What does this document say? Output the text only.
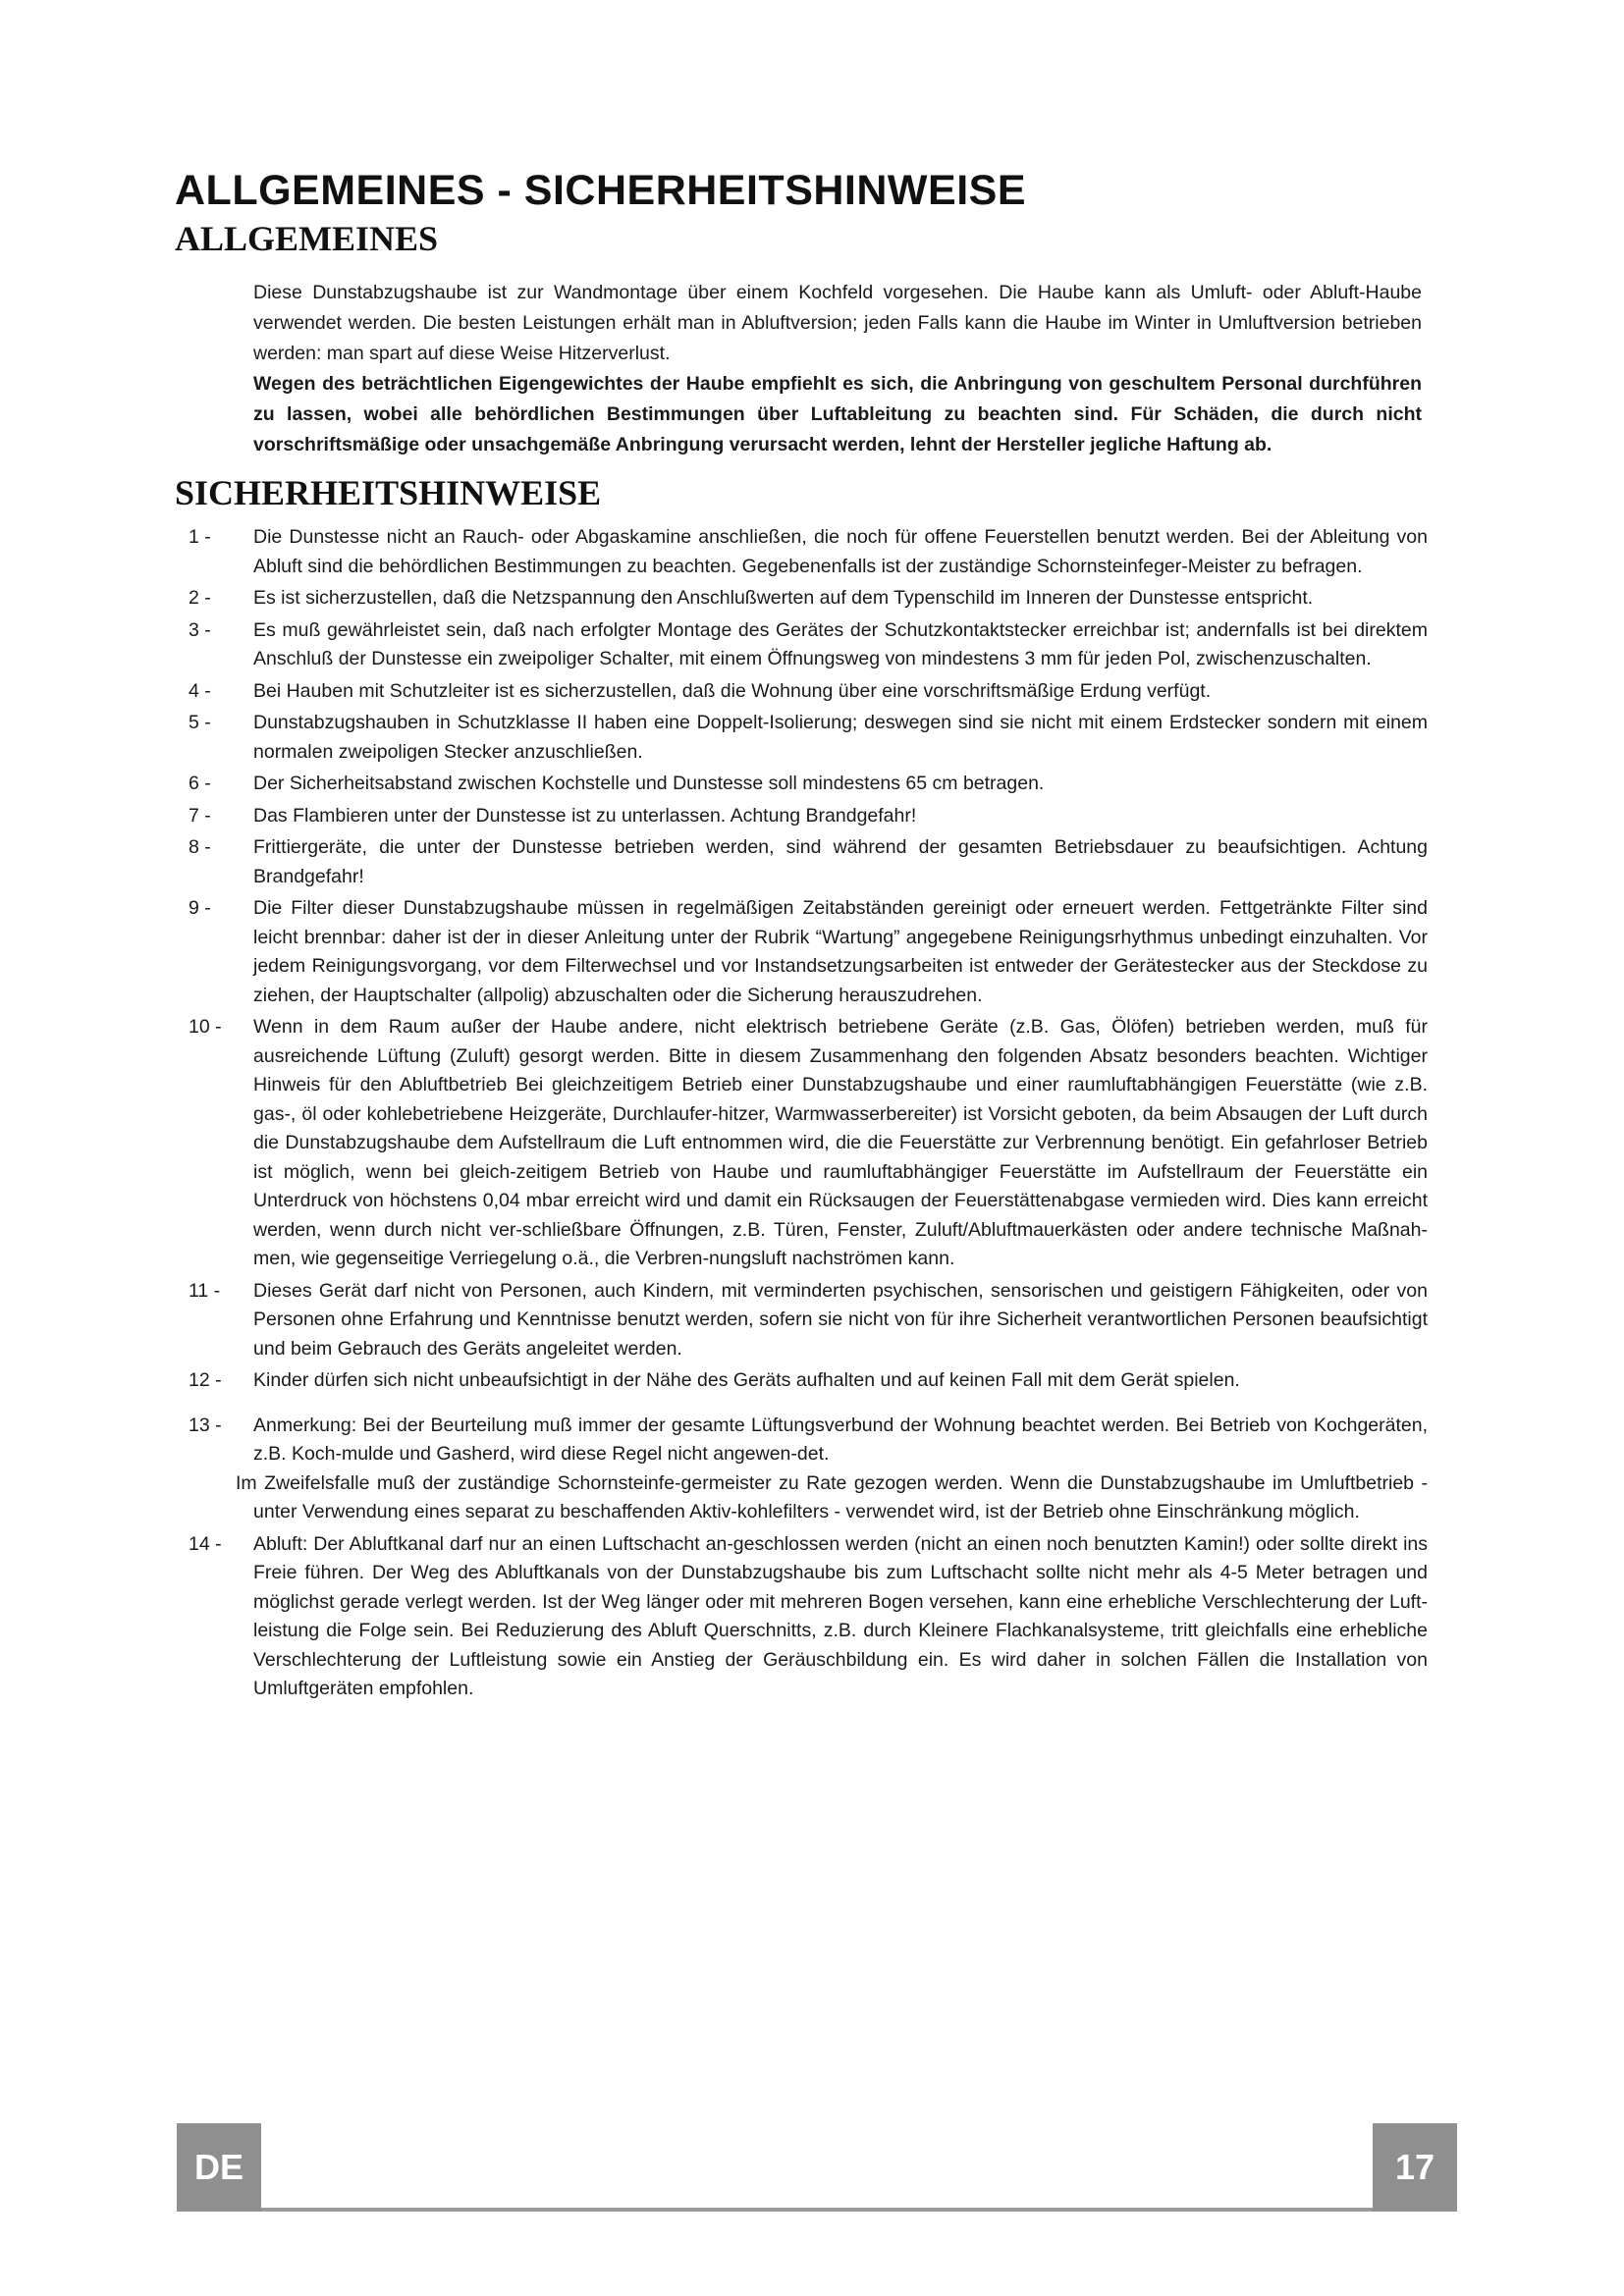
ALLGEMEINES - SICHERHEITSHINWEISE
ALLGEMEINES

Diese Dunstabzugshaube ist zur Wandmontage über einem Kochfeld vorgesehen. Die Haube kann als Umluft- oder Abluft-Haube verwendet werden. Die besten Leistungen erhält man in Abluftversion; jeden Falls kann die Haube im Winter in Umluftversion betrieben werden: man spart auf diese Weise Hitzerverlust.

Wegen des beträchtlichen Eigengewichtes der Haube empfiehlt es sich, die Anbringung von geschultem Personal durchführen zu lassen, wobei alle behördlichen Bestimmungen über Luftableitung zu beachten sind. Für Schäden, die durch nicht vorschriftsmäßige oder unsachgemäße Anbringung verursacht werden, lehnt der Hersteller jegliche Haftung ab.

SICHERHEITSHINWEISE
1 -	Die Dunstesse nicht an Rauch- oder Abgaskamine anschließen, die noch für offene Feuerstellen benutzt werden. Bei der Ableitung von Abluft sind die behördlichen Bestimmungen zu beachten. Gegebenenfalls ist der zuständige Schornsteinfeger-Meister zu befragen.

2 -	Es ist sicherzustellen, daß die Netzspannung den Anschlußwerten auf dem Typenschild im Inneren der Dunstesse entspricht.

3 -	Es muß gewährleistet sein, daß nach erfolgter Montage des Gerätes der Schutzkontaktstecker erreichbar ist; andernfalls ist bei direktem Anschluß der Dunstesse ein zweipoliger Schalter, mit einem Öffnungsweg von mindestens 3 mm für jeden Pol, zwischenzuschalten.

4 -	Bei Hauben mit Schutzleiter ist es sicherzustellen, daß die Wohnung über eine vorschriftsmäßige Erdung verfügt.

5 -	Dunstabzugshauben in Schutzklasse II haben eine Doppelt-Isolierung; deswegen sind sie nicht mit einem Erdstecker sondern mit einem normalen zweipoligen Stecker anzuschließen.

6 -	Der Sicherheitsabstand zwischen Kochstelle und Dunstesse soll mindestens 65 cm betragen.

7 -	Das Flambieren unter der Dunstesse ist zu unterlassen. Achtung Brandgefahr!

8 -	Frittiergeräte, die unter der Dunstesse betrieben werden, sind während der gesamten Betriebsdauer zu beaufsichtigen. Achtung Brandgefahr!

9 -	Die Filter dieser Dunstabzugshaube müssen in regelmäßigen Zeitabständen gereinigt oder erneuert werden. Fettgetränkte Filter sind leicht brennbar: daher ist der in dieser Anleitung unter der Rubrik “Wartung” angegebene Reinigungsrhythmus unbedingt einzuhalten. Vor jedem Reinigungsvorgang, vor dem Filterwechsel und vor Instandsetzungsarbeiten ist entweder der Gerätestecker aus der Steckdose zu ziehen, der Hauptschalter (allpolig) abzuschalten oder die Sicherung herauszudrehen.

10 -	Wenn in dem Raum außer der Haube andere, nicht elektrisch betriebene Geräte (z.B. Gas, Ölöfen) betrieben werden, muß für ausreichende Lüftung (Zuluft) gesorgt werden. Bitte in diesem Zusammenhang den folgenden Absatz besonders beachten. Wichtiger Hinweis für den Abluftbetrieb Bei gleichzeitigem Betrieb einer Dunstabzugshaube und einer raumluftabhängigen Feuerstätte (wie z.B. gas-, öl oder kohlebetriebene Heizgeräte, Durchlaufer-hitzer, Warmwasserbereiter) ist Vorsicht geboten, da beim Absaugen der Luft durch die Dunstabzugshaube dem Aufstellraum die Luft entnommen wird, die die Feuerstätte zur Verbrennung benötigt. Ein gefahrloser Betrieb ist möglich, wenn bei gleich-zeitigem Betrieb von Haube und raumluftabhängiger Feuerstätte im Aufstellraum der Feuerstätte ein Unterdruck von höchstens 0,04 mbar erreicht wird und damit ein Rücksaugen der Feuerstättenabgase vermieden wird. Dies kann erreicht werden, wenn durch nicht ver-schließbare Öffnungen, z.B. Türen, Fenster, Zuluft/Abluftmauerkästen oder andere technische Maßnah-men, wie gegenseitige Verriegelung o.ä., die Verbren-nungsluft nachströmen kann.

11 -	Dieses Gerät darf nicht von Personen, auch Kindern, mit verminderten psychischen, sensorischen und geistigern Fähigkeiten, oder von Personen ohne Erfahrung und Kenntnisse benutzt werden, sofern sie nicht von für ihre Sicherheit verantwortlichen Personen beaufsichtigt und beim Gebrauch des Geräts angeleitet werden.

12 -	Kinder dürfen sich nicht unbeaufsichtigt in der Nähe des Geräts aufhalten und auf keinen Fall mit dem Gerät spielen.

13 -	Anmerkung: Bei der Beurteilung muß immer der gesamte Lüftungsverbund der Wohnung beachtet werden. Bei Betrieb von Kochgeräten, z.B. Koch-mulde und Gasherd, wird diese Regel nicht angewen-det.

Im Zweifelsfalle muß der zuständige Schornsteinfe-germeister zu Rate gezogen werden. Wenn die Dunstabzugshaube im Umluftbetrieb - unter Verwendung eines separat zu beschaffenden Aktiv-kohlefilters - verwendet wird, ist der Betrieb ohne Einschränkung möglich.

14 -	Abluft: Der Abluftkanal darf nur an einen Luftschacht an-geschlossen werden (nicht an einen noch benutzten Kamin!) oder sollte direkt ins Freie führen. Der Weg des Abluftkanals von der Dunstabzugshaube bis zum Luftschacht sollte nicht mehr als 4-5 Meter betragen und möglichst gerade verlegt werden. Ist der Weg länger oder mit mehreren Bogen versehen, kann eine erhebliche Verschlechterung der Luft-leistung die Folge sein. Bei Reduzierung des Abluft Querschnitts, z.B. durch Kleinere Flachkanalsysteme, tritt gleichfalls eine erhebliche Verschlechterung der Luftleistung sowie ein Anstieg der Geräuschbildung ein. Es wird daher in solchen Fällen die Installation von Umluftgeräten empfohlen.

DE	17
